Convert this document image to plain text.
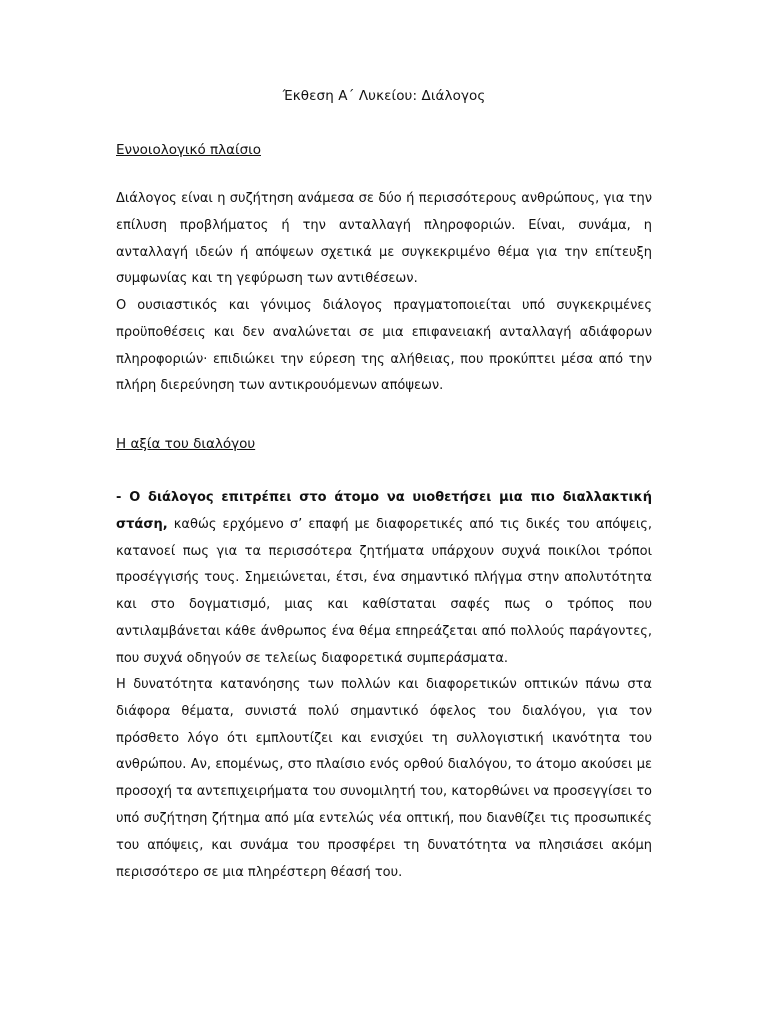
Έκθεση Α΄ Λυκείου: Διάλογος
Εννοιολογικό πλαίσιο

Διάλογος είναι η συζήτηση ανάμεσα σε δύο ή περισσότερους ανθρώπους, για την επίλυση προβλήματος ή την ανταλλαγή πληροφοριών. Είναι, συνάμα, η ανταλλαγή ιδεών ή απόψεων σχετικά με συγκεκριμένο θέμα για την επίτευξη συμφωνίας και τη γεφύρωση των αντιθέσεων.

Ο ουσιαστικός και γόνιμος διάλογος πραγματοποιείται υπό συγκεκριμένες προϋποθέσεις και δεν αναλώνεται σε μια επιφανειακή ανταλλαγή αδιάφορων πληροφοριών· επιδιώκει την εύρεση της αλήθειας, που προκύπτει μέσα από την πλήρη διερεύνηση των αντικρουόμενων απόψεων.

Η αξία του διαλόγου

- Ο διάλογος επιτρέπει στο άτομο να υιοθετήσει μια πιο διαλλακτική στάση, καθώς ερχόμενο σ’ επαφή με διαφορετικές από τις δικές του απόψεις, κατανοεί πως για τα περισσότερα ζητήματα υπάρχουν συχνά ποικίλοι τρόποι προσέγγισής τους. Σημειώνεται, έτσι, ένα σημαντικό πλήγμα στην απολυτότητα και στο δογματισμό, μιας και καθίσταται σαφές πως ο τρόπος που αντιλαμβάνεται κάθε άνθρωπος ένα θέμα επηρεάζεται από πολλούς παράγοντες, που συχνά οδηγούν σε τελείως διαφορετικά συμπεράσματα.

Η δυνατότητα κατανόησης των πολλών και διαφορετικών οπτικών πάνω στα διάφορα θέματα, συνιστά πολύ σημαντικό όφελος του διαλόγου, για τον πρόσθετο λόγο ότι εμπλουτίζει και ενισχύει τη συλλογιστική ικανότητα του ανθρώπου. Αν, επομένως, στο πλαίσιο ενός ορθού διαλόγου, το άτομο ακούσει με προσοχή τα αντεπιχειρήματα του συνομιλητή του, κατορθώνει να προσεγγίσει το υπό συζήτηση ζήτημα από μία εντελώς νέα οπτική, που διανθίζει τις προσωπικές του απόψεις, και συνάμα του προσφέρει τη δυνατότητα να πλησιάσει ακόμη περισσότερο σε μια πληρέστερη θέασή του.
